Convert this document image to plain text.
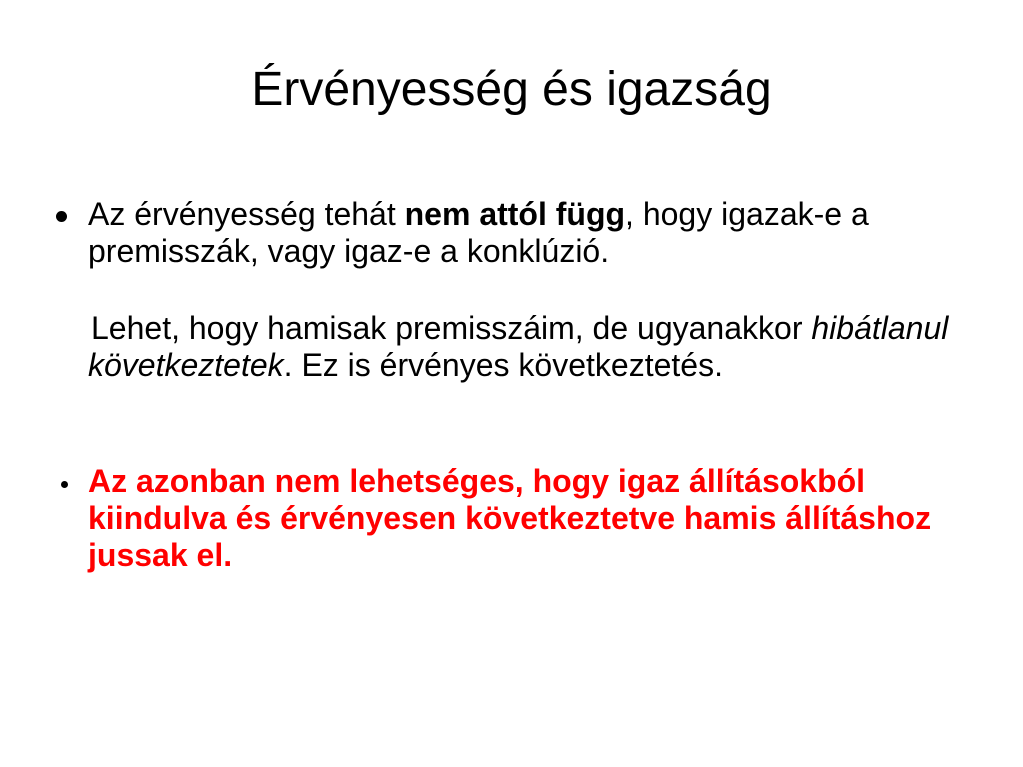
Érvényesség és igazság

Az érvényesség tehát nem attól függ, hogy igazak-e a premisszák, vagy igaz-e a konklúzió.

Lehet, hogy hamisak premisszáim, de ugyanakkor hibátlanul következtetek. Ez is érvényes következtetés.

Az azonban nem lehetséges, hogy igaz állításokból kiindulva és érvényesen következtetve hamis állításhoz jussak el.
